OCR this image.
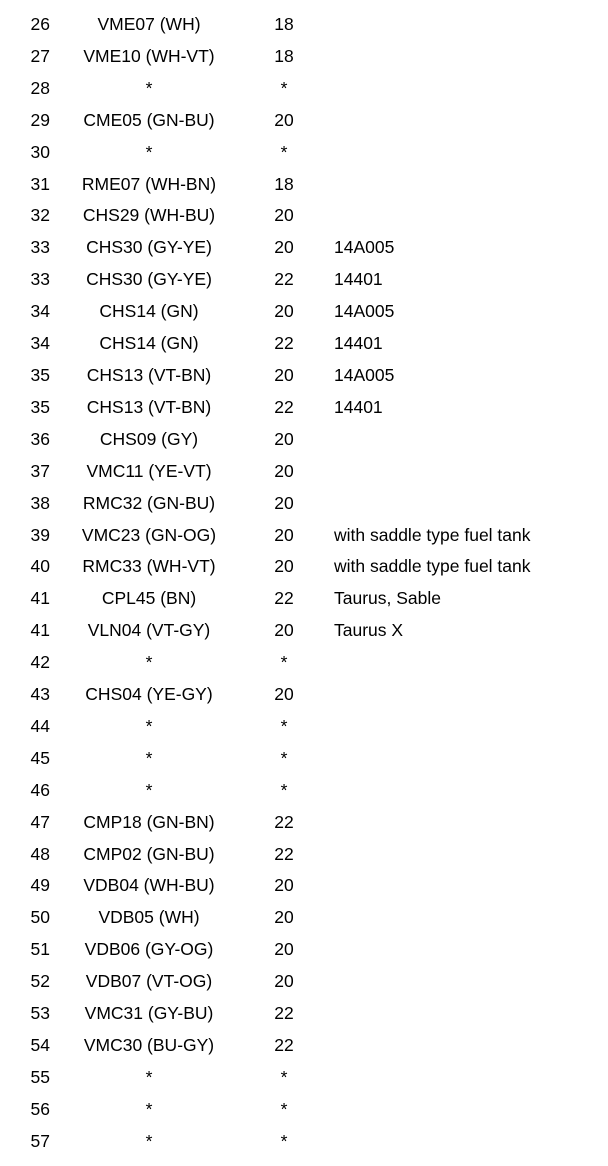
26	VME07 (WH)	18	
27	VME10 (WH-VT)	18	
28	*	*	
29	CME05 (GN-BU)	20	
30	*	*	
31	RME07 (WH-BN)	18	
32	CHS29 (WH-BU)	20	
33	CHS30 (GY-YE)	20	14A005
33	CHS30 (GY-YE)	22	14401
34	CHS14 (GN)	20	14A005
34	CHS14 (GN)	22	14401
35	CHS13 (VT-BN)	20	14A005
35	CHS13 (VT-BN)	22	14401
36	CHS09 (GY)	20	
37	VMC11 (YE-VT)	20	
38	RMC32 (GN-BU)	20	
39	VMC23 (GN-OG)	20	with saddle type fuel tank
40	RMC33 (WH-VT)	20	with saddle type fuel tank
41	CPL45 (BN)	22	Taurus, Sable
41	VLN04 (VT-GY)	20	Taurus X
42	*	*	
43	CHS04 (YE-GY)	20	
44	*	*	
45	*	*	
46	*	*	
47	CMP18 (GN-BN)	22	
48	CMP02 (GN-BU)	22	
49	VDB04 (WH-BU)	20	
50	VDB05 (WH)	20	
51	VDB06 (GY-OG)	20	
52	VDB07 (VT-OG)	20	
53	VMC31 (GY-BU)	22	
54	VMC30 (BU-GY)	22	
55	*	*	
56	*	*	
57	*	*	
